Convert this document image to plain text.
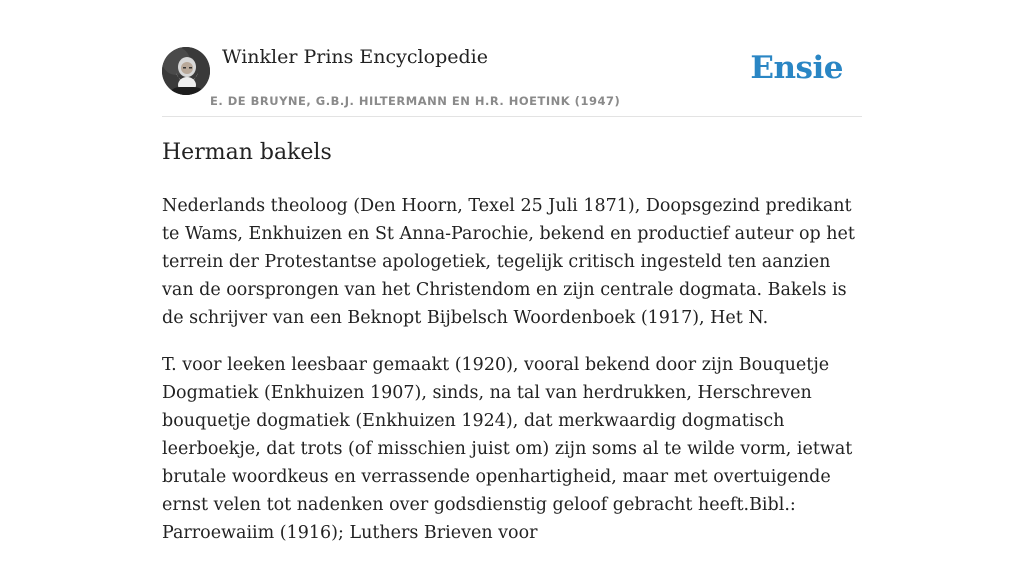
Winkler Prins Encyclopedie
E. DE BRUYNE, G.B.J. HILTERMANN EN H.R. HOETINK (1947)
Ensie
Herman bakels

Nederlands theoloog (Den Hoorn, Texel 25 Juli 1871), Doopsgezind predikant te Wams, Enkhuizen en St Anna-Parochie, bekend en productief auteur op het terrein der Protestantse apologetiek, tegelijk critisch ingesteld ten aanzien van de oorsprongen van het Christendom en zijn centrale dogmata. Bakels is de schrijver van een Beknopt Bijbelsch Woordenboek (1917), Het N.

T. voor leeken leesbaar gemaakt (1920), vooral bekend door zijn Bouquetje Dogmatiek (Enkhuizen 1907), sinds, na tal van herdrukken, Herschreven bouquetje dogmatiek (Enkhuizen 1924), dat merkwaardig dogmatisch leerboekje, dat trots (of misschien juist om) zijn soms al te wilde vorm, ietwat brutale woordkeus en verrassende openhartigheid, maar met overtuigende ernst velen tot nadenken over godsdienstig geloof gebracht heeft.Bibl.: Parroewaiim (1916); Luthers Brieven voor
